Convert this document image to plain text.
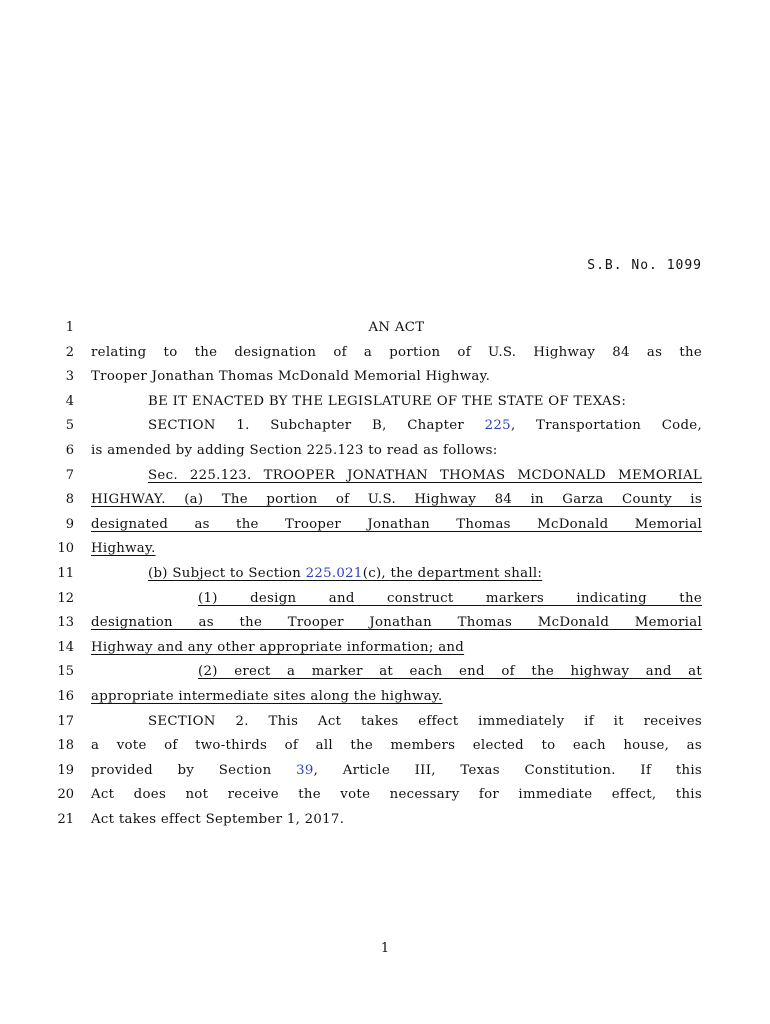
S.B. No. 1099
1
2
3
4
5
6
7
8
9
10
11
12
13
14
15
16
17
18
19
20
21
AN ACT
relating to the designation of a portion of U.S. Highway 84 as the
Trooper Jonathan Thomas McDonald Memorial Highway.
BE IT ENACTED BY THE LEGISLATURE OF THE STATE OF TEXAS:
SECTION 1. Subchapter B, Chapter 225, Transportation Code,
is amended by adding Section 225.123 to read as follows:
Sec. 225.123. TROOPER JONATHAN THOMAS MCDONALD MEMORIAL
HIGHWAY. (a) The portion of U.S. Highway 84 in Garza County is
designated as the Trooper Jonathan Thomas McDonald Memorial
Highway.
(b) Subject to Section 225.021(c), the department shall:
(1) design and construct markers indicating the
designation as the Trooper Jonathan Thomas McDonald Memorial
Highway and any other appropriate information; and
(2) erect a marker at each end of the highway and at
appropriate intermediate sites along the highway.
SECTION 2. This Act takes effect immediately if it receives
a vote of two-thirds of all the members elected to each house, as
provided by Section 39, Article III, Texas Constitution. If this
Act does not receive the vote necessary for immediate effect, this
Act takes effect September 1, 2017.
1
